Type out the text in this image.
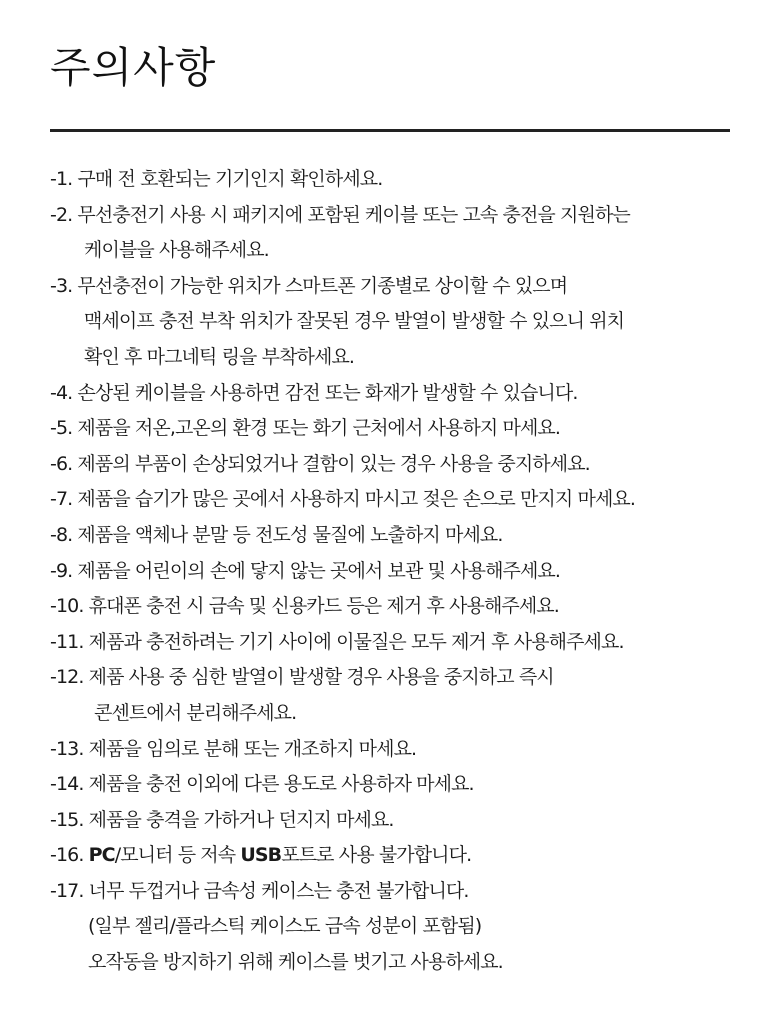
주의사항
-1. 구매 전 호환되는 기기인지 확인하세요.
-2. 무선충전기 사용 시 패키지에 포함된 케이블 또는 고속 충전을 지원하는
케이블을 사용해주세요.
-3. 무선충전이 가능한 위치가 스마트폰 기종별로 상이할 수 있으며
맥세이프 충전 부착 위치가 잘못된 경우 발열이 발생할 수 있으니 위치
확인 후 마그네틱 링을 부착하세요.
-4. 손상된 케이블을 사용하면 감전 또는 화재가 발생할 수 있습니다.
-5. 제품을 저온,고온의 환경 또는 화기 근처에서 사용하지 마세요.
-6. 제품의 부품이 손상되었거나 결함이 있는 경우 사용을 중지하세요.
-7. 제품을 습기가 많은 곳에서 사용하지 마시고 젖은 손으로 만지지 마세요.
-8. 제품을 액체나 분말 등 전도성 물질에 노출하지 마세요.
-9. 제품을 어린이의 손에 닿지 않는 곳에서 보관 및 사용해주세요.
-10. 휴대폰 충전 시 금속 및 신용카드 등은 제거 후 사용해주세요.
-11. 제품과 충전하려는 기기 사이에 이물질은 모두 제거 후 사용해주세요.
-12. 제품 사용 중 심한 발열이 발생할 경우 사용을 중지하고 즉시
콘센트에서 분리해주세요.
-13. 제품을 임의로 분해 또는 개조하지 마세요.
-14. 제품을 충전 이외에 다른 용도로 사용하자 마세요.
-15. 제품을 충격을 가하거나 던지지 마세요.
-16. PC/모니터 등 저속 USB포트로 사용 불가합니다.
-17. 너무 두껍거나 금속성 케이스는 충전 불가합니다.
(일부 젤리/플라스틱 케이스도 금속 성분이 포함됨)
오작동을 방지하기 위해 케이스를 벗기고 사용하세요.
